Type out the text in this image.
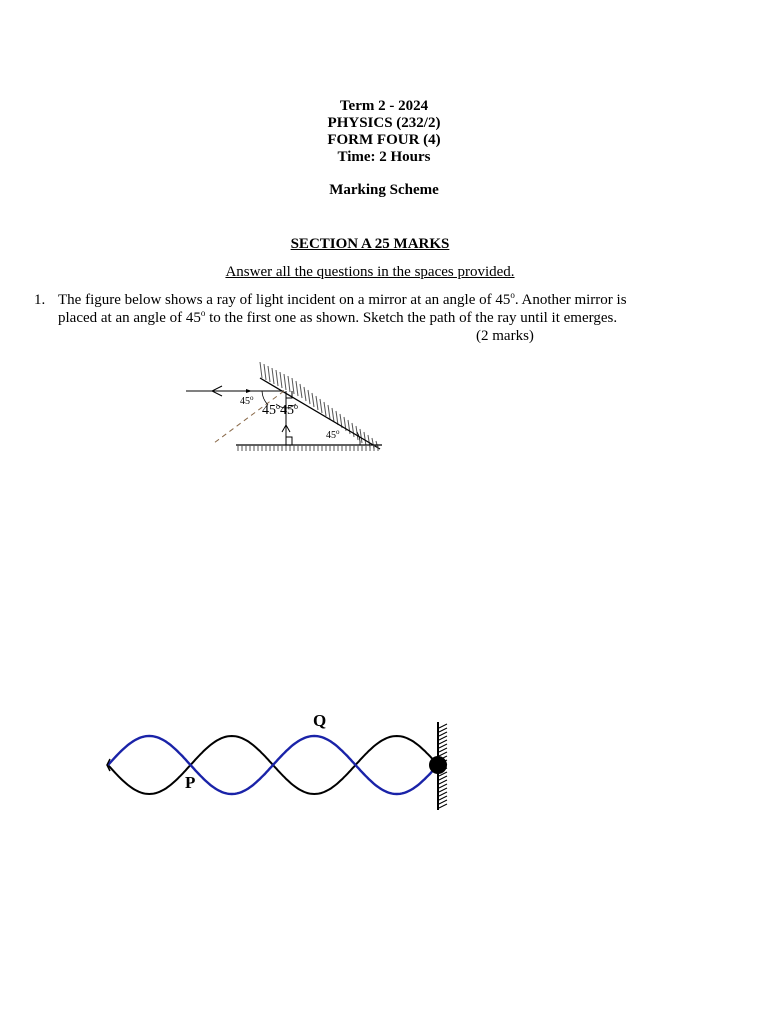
Term 2 - 2024
PHYSICS (232/2)
FORM FOUR (4)
Time: 2 Hours
Marking Scheme
SECTION A 25 MARKS
Answer all the questions in the spaces provided.
1. The figure below shows a ray of light incident on a mirror at an angle of 45$^o$. Another mirror is
placed at an angle of 45$^o$ to the first one as shown. Sketch the path of the ray until it emerges.
(2 marks)
45$^o$
45$^o$45$^o$
45$^o$
Q
P
